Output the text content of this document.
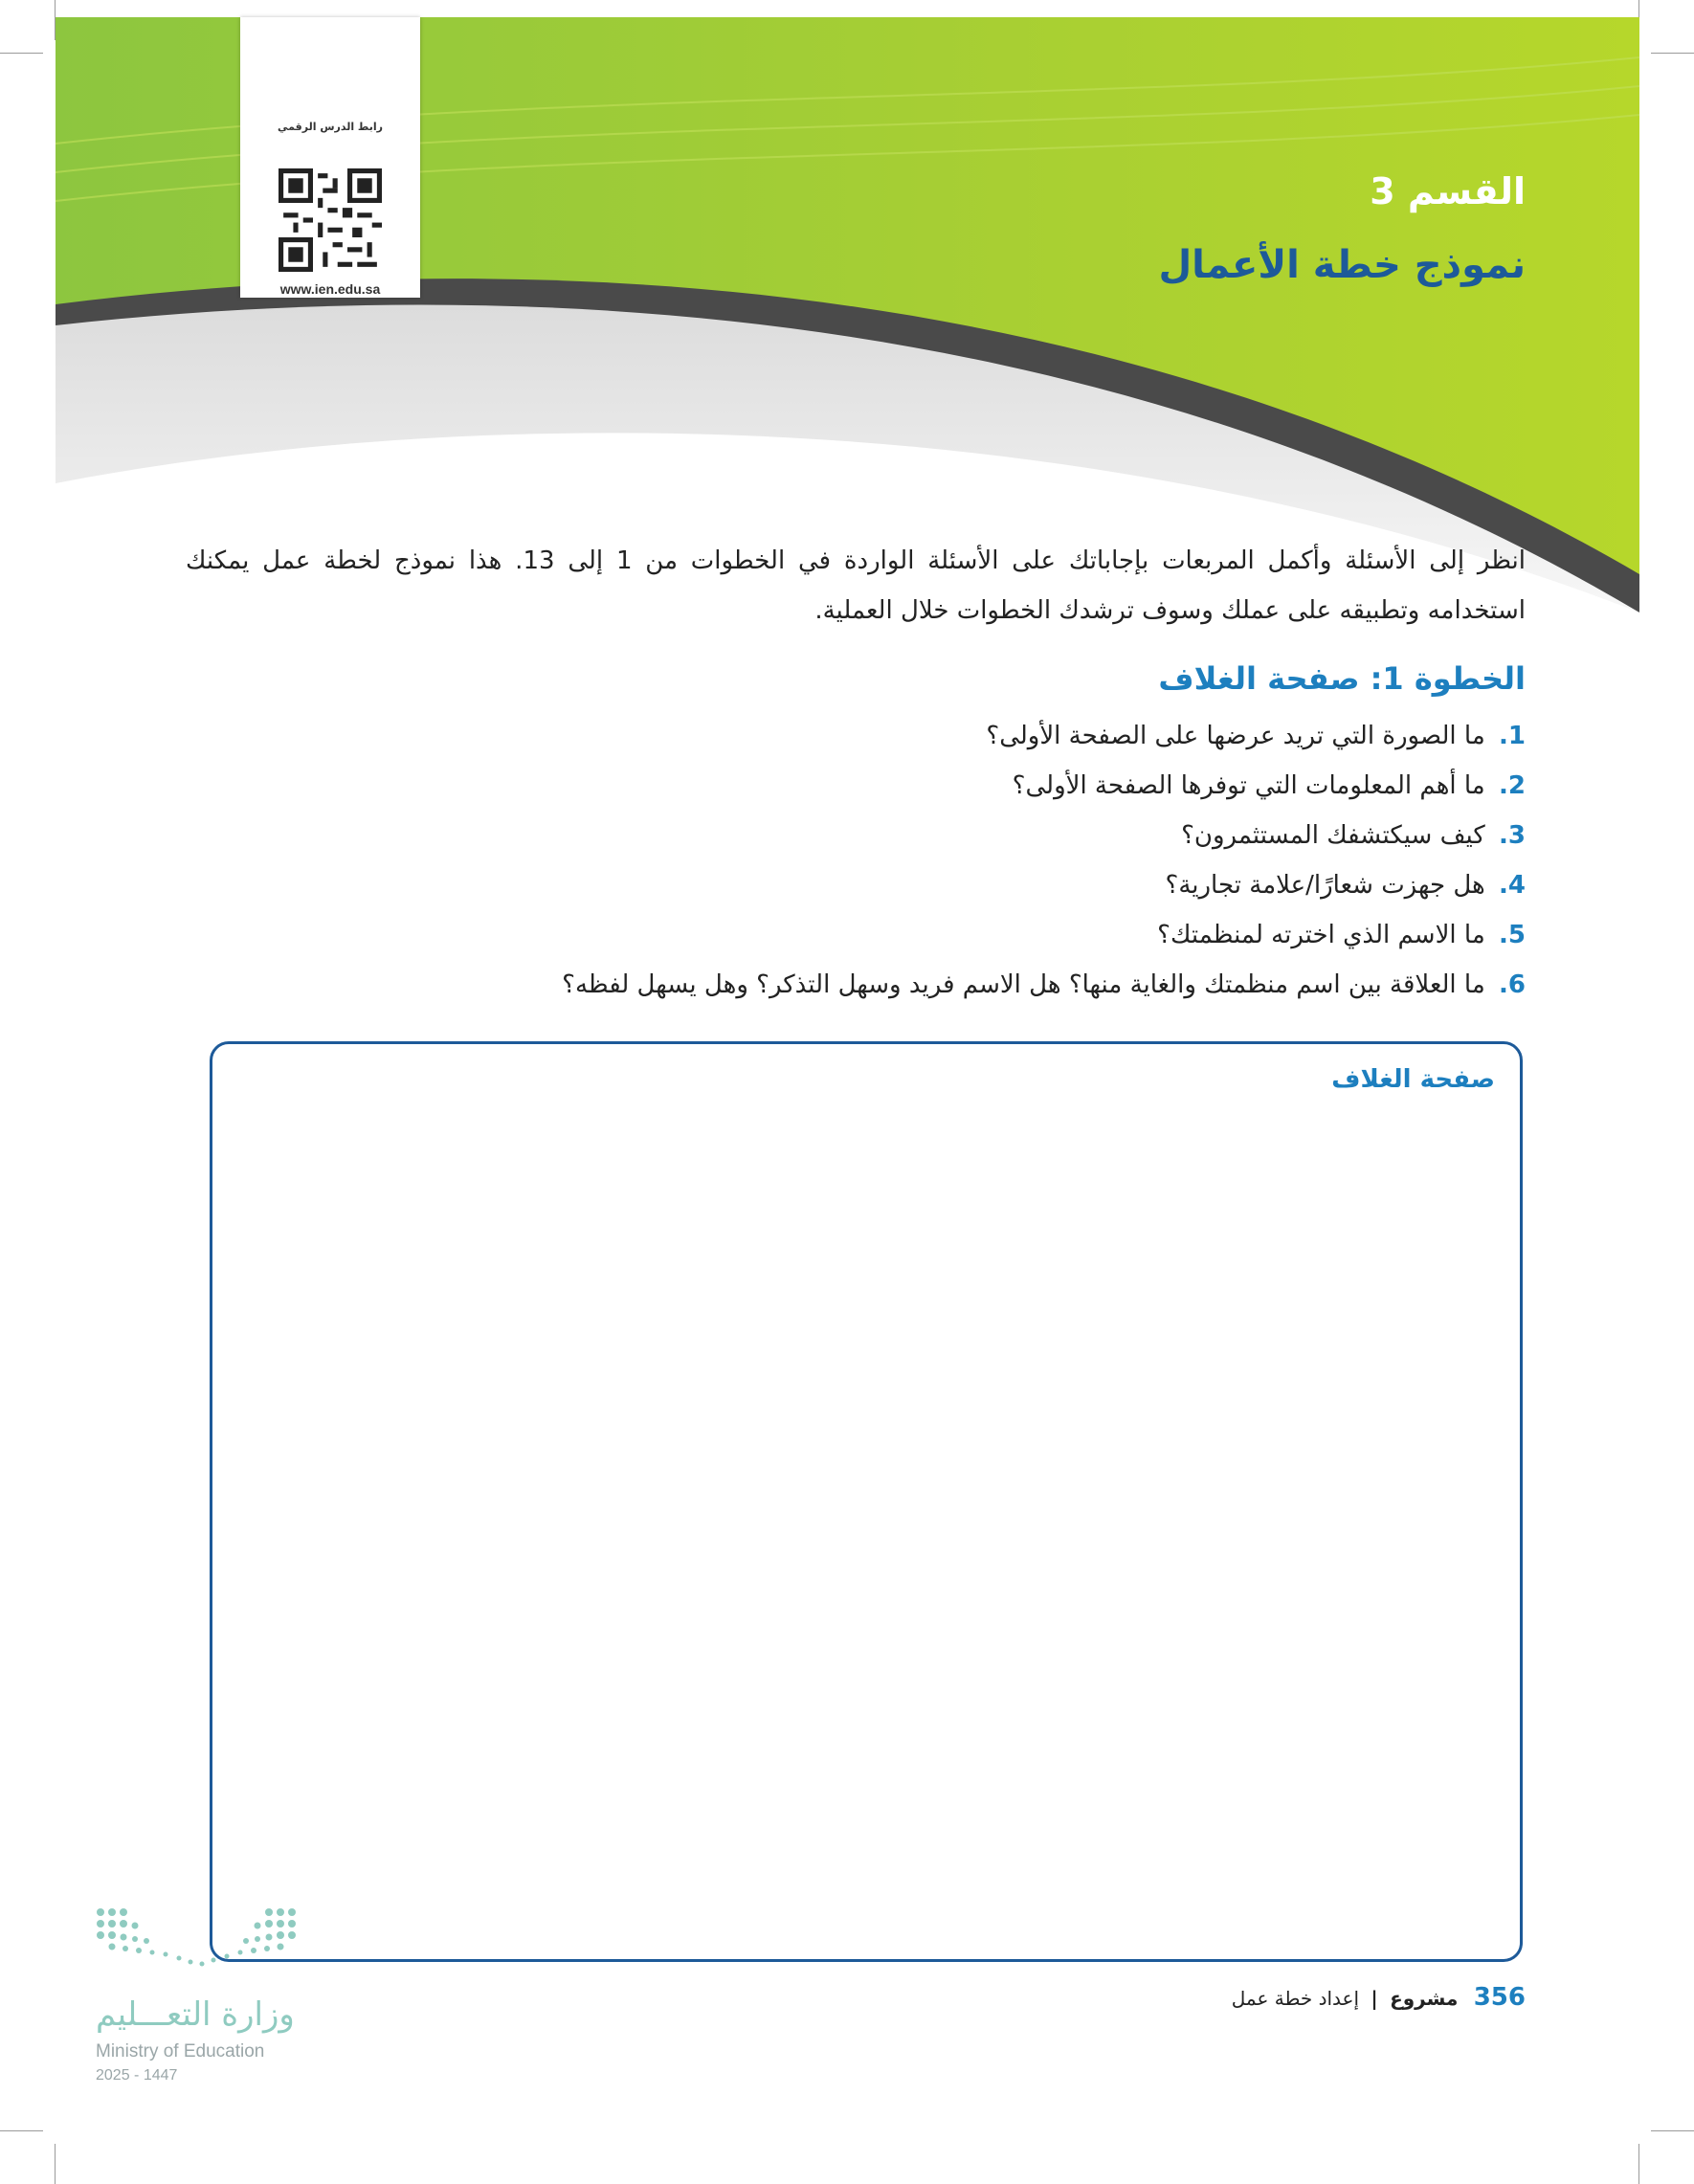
رابط الدرس الرقمي
www.ien.edu.sa
القسم 3
نموذج خطة الأعمال
انظر إلى الأسئلة وأكمل المربعات بإجاباتك على الأسئلة الواردة في الخطوات من 1 إلى 13. هذا نموذج لخطة عمل يمكنك استخدامه وتطبيقه على عملك وسوف ترشدك الخطوات خلال العملية.
الخطوة 1: صفحة الغلاف
1. ما الصورة التي تريد عرضها على الصفحة الأولى؟
2. ما أهم المعلومات التي توفرها الصفحة الأولى؟
3. كيف سيكتشفك المستثمرون؟
4. هل جهزت شعارًا/علامة تجارية؟
5. ما الاسم الذي اخترته لمنظمتك؟
6. ما العلاقة بين اسم منظمتك والغاية منها؟ هل الاسم فريد وسهل التذكر؟ وهل يسهل لفظه؟
صفحة الغلاف
356 مشروع | إعداد خطة عمل
وزارة التعـــليم
Ministry of Education
2025 - 1447
